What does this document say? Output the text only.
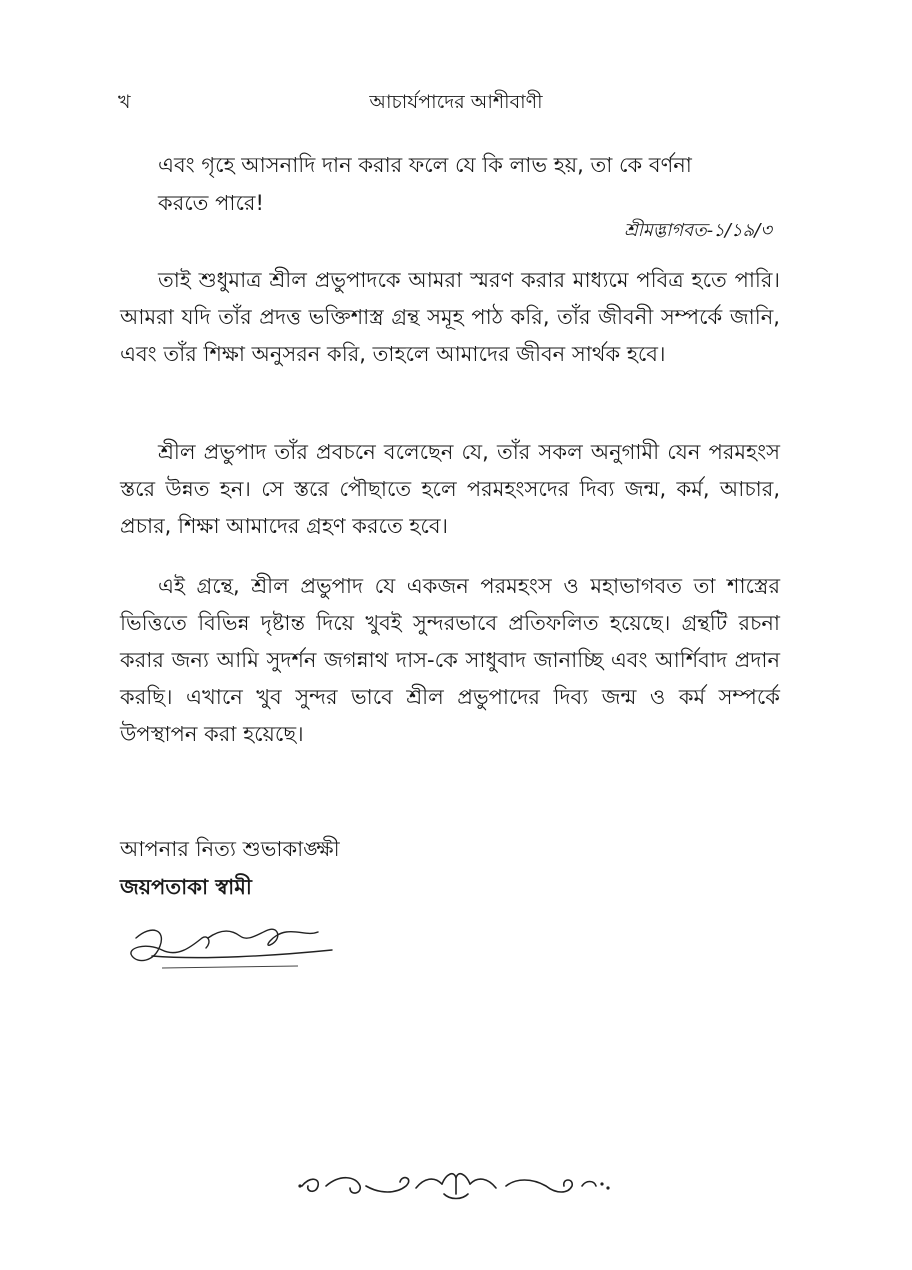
খ	আচার্যপাদের আশীবাণী
এবং গৃহে আসনাদি দান করার ফলে যে কি লাভ হয়, তা কে বর্ণনা
করতে পারে!
শ্রীমদ্ভাগবত-১/১৯/৩

তাই শুধুমাত্র শ্রীল প্রভুপাদকে আমরা স্মরণ করার মাধ্যমে পবিত্র হতে পারি। আমরা যদি তাঁর প্রদত্ত ভক্তিশাস্ত্র গ্রন্থ সমূহ পাঠ করি, তাঁর জীবনী সম্পর্কে জানি, এবং তাঁর শিক্ষা অনুসরন করি, তাহলে আমাদের জীবন সার্থক হবে।

শ্রীল প্রভুপাদ তাঁর প্রবচনে বলেছেন যে, তাঁর সকল অনুগামী যেন পরমহংস স্তরে উন্নত হন। সে স্তরে পৌছাতে হলে পরমহংসদের দিব্য জন্ম, কর্ম, আচার, প্রচার, শিক্ষা আমাদের গ্রহণ করতে হবে।

এই গ্রন্থে, শ্রীল প্রভুপাদ যে একজন পরমহংস ও মহাভাগবত তা শাস্ত্রের ভিত্তিতে বিভিন্ন দৃষ্টান্ত দিয়ে খুবই সুন্দরভাবে প্রতিফলিত হয়েছে। গ্রন্থটি রচনা করার জন্য আমি সুদর্শন জগন্নাথ দাস-কে সাধুবাদ জানাচ্ছি এবং আর্শিবাদ প্রদান করছি। এখানে খুব সুন্দর ভাবে শ্রীল প্রভুপাদের দিব্য জন্ম ও কর্ম সম্পর্কে উপস্থাপন করা হয়েছে।

আপনার নিত্য শুভাকাঙ্ক্ষী
জয়পতাকা স্বামী
